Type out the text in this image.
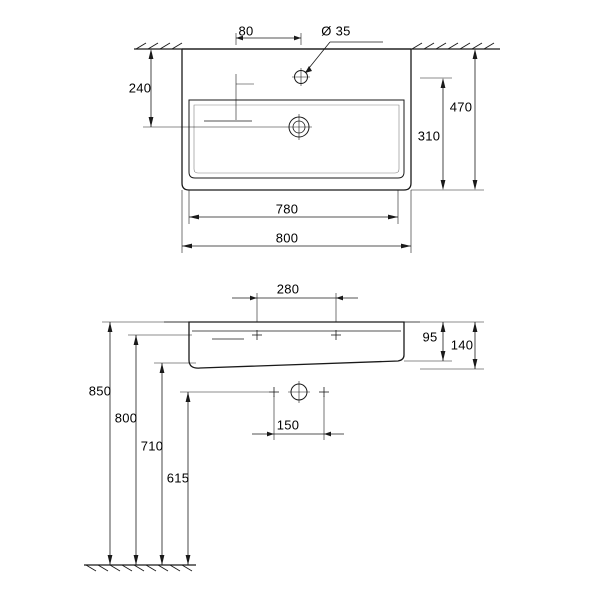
80	Ø 35
240
470
310
780
800
280
95
140
850
800
710
615
150
